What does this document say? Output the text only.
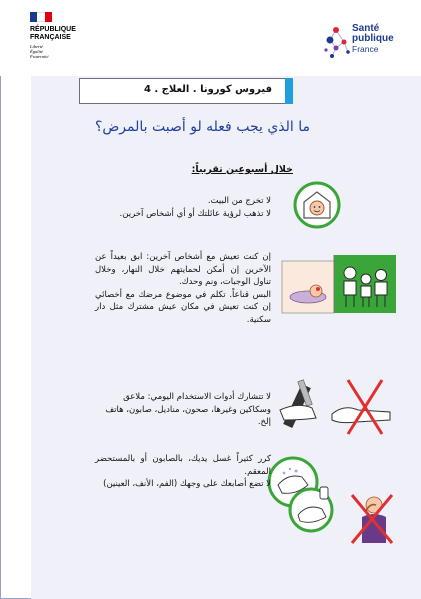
RÉPUBLIQUE
FRANÇAISE
Liberté
Égalité
Fraternité
Santé
publique
France
فيروس كورونا . العلاج . 4
ما الذي يجب فعله لو أصبت بالمرض؟
خلال أسبوعين تقريباً:

لا تخرج من البيت.

لا تذهب لرؤية عائلتك أو أي أشخاص آخرين.

إن كنت تعيش مع أشخاص آخرين: ابق بعيداً عن الآخرين إن أمكن لحمايتهم خلال النهار، وخلال تناول الوجبات، ونم وحدك.

البس قناعاً. تكلم في موضوع مرضك مع أخصائي إن كنت تعيش في مكان عيش مشترك مثل دار سكنية.

لا تتشارك أدوات الاستخدام اليومي: ملاعق وسكاكين وغيرها، صحون، مناديل، صابون، هاتف إلخ.

كرر كثيراً غسل يديك، بالصابون أو بالمستحضر المعقم.

لا تضع أصابعك على وجهك (الفم، الأنف، العينين)
